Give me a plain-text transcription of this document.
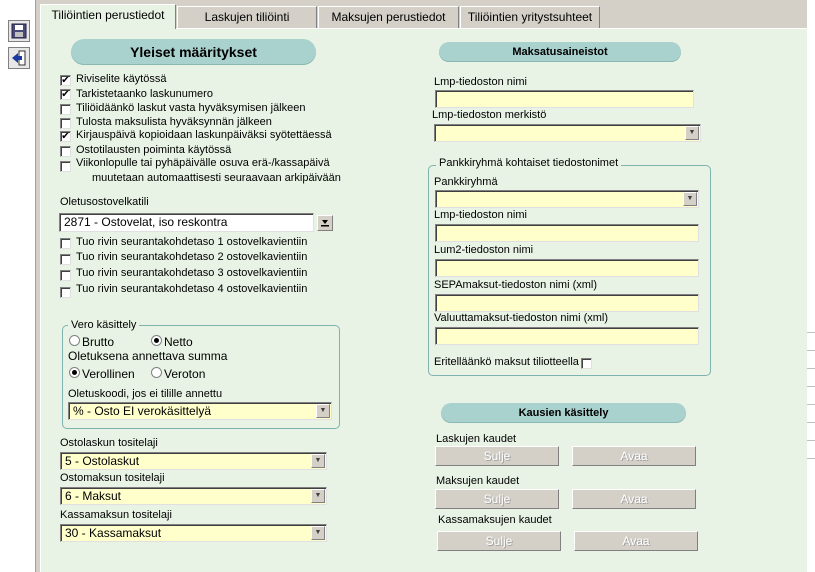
Tiliöintien perustiedot	Laskujen tiliöinti	Maksujen perustiedot	Tiliöintien yritystsuhteet
Yleiset määritykset
✔ Riviselite käytössä
✔ Tarkistetaanko laskunumero
Tiliöidäänkö laskut vasta hyväksymisen jälkeen
Tulosta maksulista hyväksynnän jälkeen
✔ Kirjauspäivä kopioidaan laskunpäiväksi syötettäessä
Ostotilausten poiminta käytössä
Viikonlopulle tai pyhäpäivälle osuva erä-/kassapäivä
muutetaan automaattisesti seuraavaan arkipäivään
Oletusostovelkatili
2871 - Ostovelat, iso reskontra
Tuo rivin seurantakohdetaso 1 ostovelkavientiin
Tuo rivin seurantakohdetaso 2 ostovelkavientiin
Tuo rivin seurantakohdetaso 3 ostovelkavientiin
Tuo rivin seurantakohdetaso 4 ostovelkavientiin
Vero käsittely
Brutto	Netto
Oletuksena annettava summa
Verollinen Veroton
Oletuskoodi, jos ei tilille annettu
% - Osto EI verokäsittelyä	▼
Ostolaskun tositelaji
5 - Ostolaskut	▼
Ostomaksun tositelaji
6 - Maksut	▼
Kassamaksun tositelaji
30 - Kassamaksut	▼
Maksatusaineistot
Lmp-tiedoston nimi
Lmp-tiedoston merkistö
▼
Pankkiryhmä kohtaiset tiedostonimet
Pankkiryhmä
▼
Lmp-tiedoston nimi
Lum2-tiedoston nimi
SEPAmaksut-tiedoston nimi (xml)
Valuuttamaksut-tiedoston nimi (xml)
Eritelläänkö maksut tiliotteella
Kausien käsittely
Laskujen kaudet
Sulje	Avaa
Maksujen kaudet
Sulje	Avaa
Kassamaksujen kaudet
Sulje	Avaa
